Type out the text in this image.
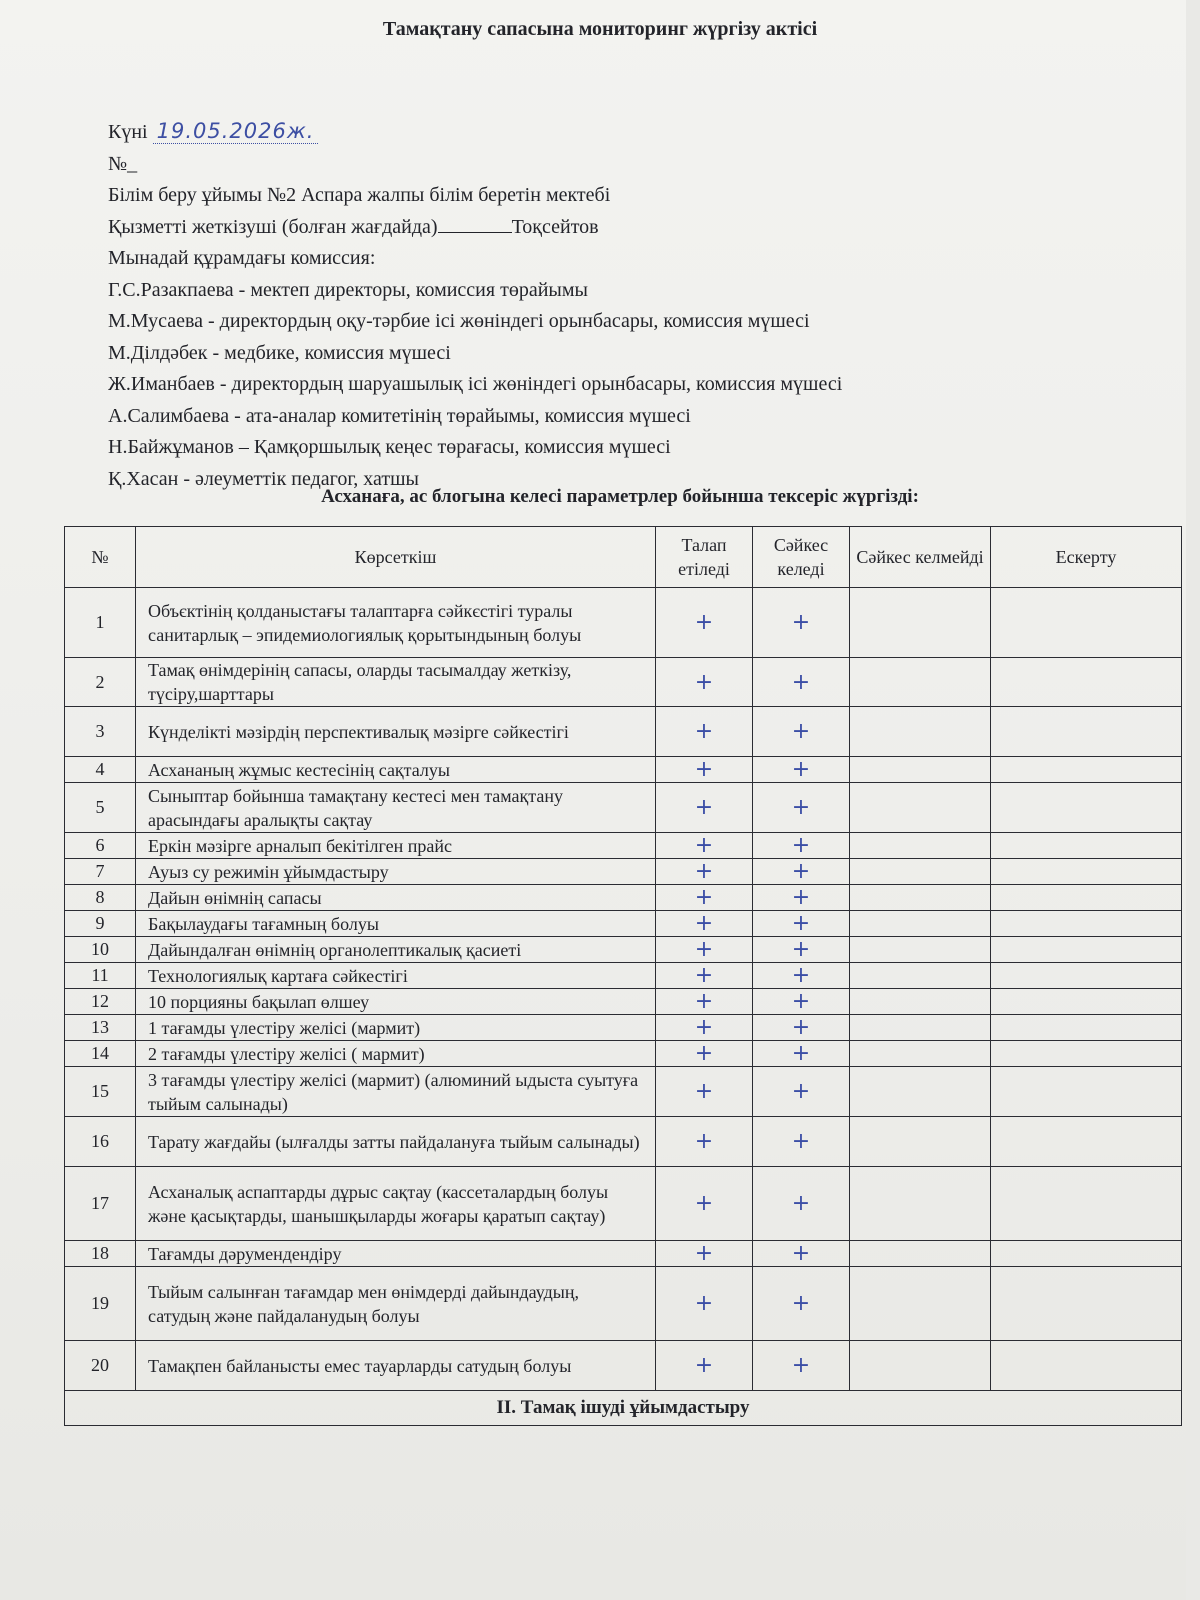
Тамақтану сапасына мониторинг жүргізу актісі
Күні 19.05.2026ж.
№_
Білім беру ұйымы №2 Аспара жалпы білім беретін мектебі
Қызметті жеткізуші (болған жағдайда)	Тоқсейтов
Мынадай құрамдағы комиссия:
Г.С.Разакпаева - мектеп директоры, комиссия төрайымы
М.Мусаева - директордың оқу-тәрбие ісі жөніндегі орынбасары, комиссия мүшесі
М.Ділдәбек - медбике, комиссия мүшесі
Ж.Иманбаев - директордың шаруашылық ісі жөніндегі орынбасары, комиссия мүшесі
А.Салимбаева - ата-аналар комитетінің төрайымы, комиссия мүшесі
Н.Байжұманов – Қамқоршылық кеңес төрағасы, комиссия мүшесі
Қ.Хасан - әлеуметтік педагог, хатшы
Асханаға, ас блогына келесі параметрлер бойынша тексеріс жүргізді:
№	Көрсеткіш	Талап етіледі	Сәйкес келеді	Сәйкес келмейді	Ескерту
1	Объєктінің қолданыстағы талаптарға сәйкєстігі туралы санитарлық – эпидемиологиялық қорытындының болуы	+	+		
2	Тамақ өнімдерінің сапасы, оларды тасымалдау жеткізу, түсіру,шарттары	+	+		
3	Күнделікті мәзірдің перспективалық мәзірге сәйкестігі	+	+		
4	Асхананың жұмыс кестесінің сақталуы	+	+		
5	Сыныптар бойынша тамақтану кестесі мен тамақтану арасындағы аралықты сақтау	+	+		
6	Еркін мәзірге арналып бекітілген прайс	+	+		
7	Ауыз су режимін ұйымдастыру	+	+		
8	Дайын өнімнің сапасы	+	+		
9	Бақылаудағы тағамның болуы	+	+		
10	Дайындалған өнімнің органолептикалық қасиеті	+	+		
11	Технологиялық картаға сәйкестігі	+	+		
12	10 порцияны бақылап өлшеу	+	+		
13	1 тағамды үлестіру желісі (мармит)	+	+		
14	2 тағамды үлестіру желісі ( мармит)	+	+		
15	3 тағамды үлестіру желісі (мармит) (алюминий ыдыста суытуға тыйым салынады)	+	+		
16	Тарату жағдайы (ылғалды затты пайдалануға тыйым салынады)	+	+		
17	Асханалық аспаптарды дұрыс сақтау (кассеталардың болуы және қасықтарды, шанышқыларды жоғары қаратып сақтау)	+	+		
18	Тағамды дәрумендендіру	+	+		
19	Тыйым салынған тағамдар мен өнімдерді дайындаудың, сатудың және пайдаланудың болуы	+	+		
20	Тамақпен байланысты емес тауарларды сатудың болуы	+	+		
II. Тамақ ішуді ұйымдастыру					
